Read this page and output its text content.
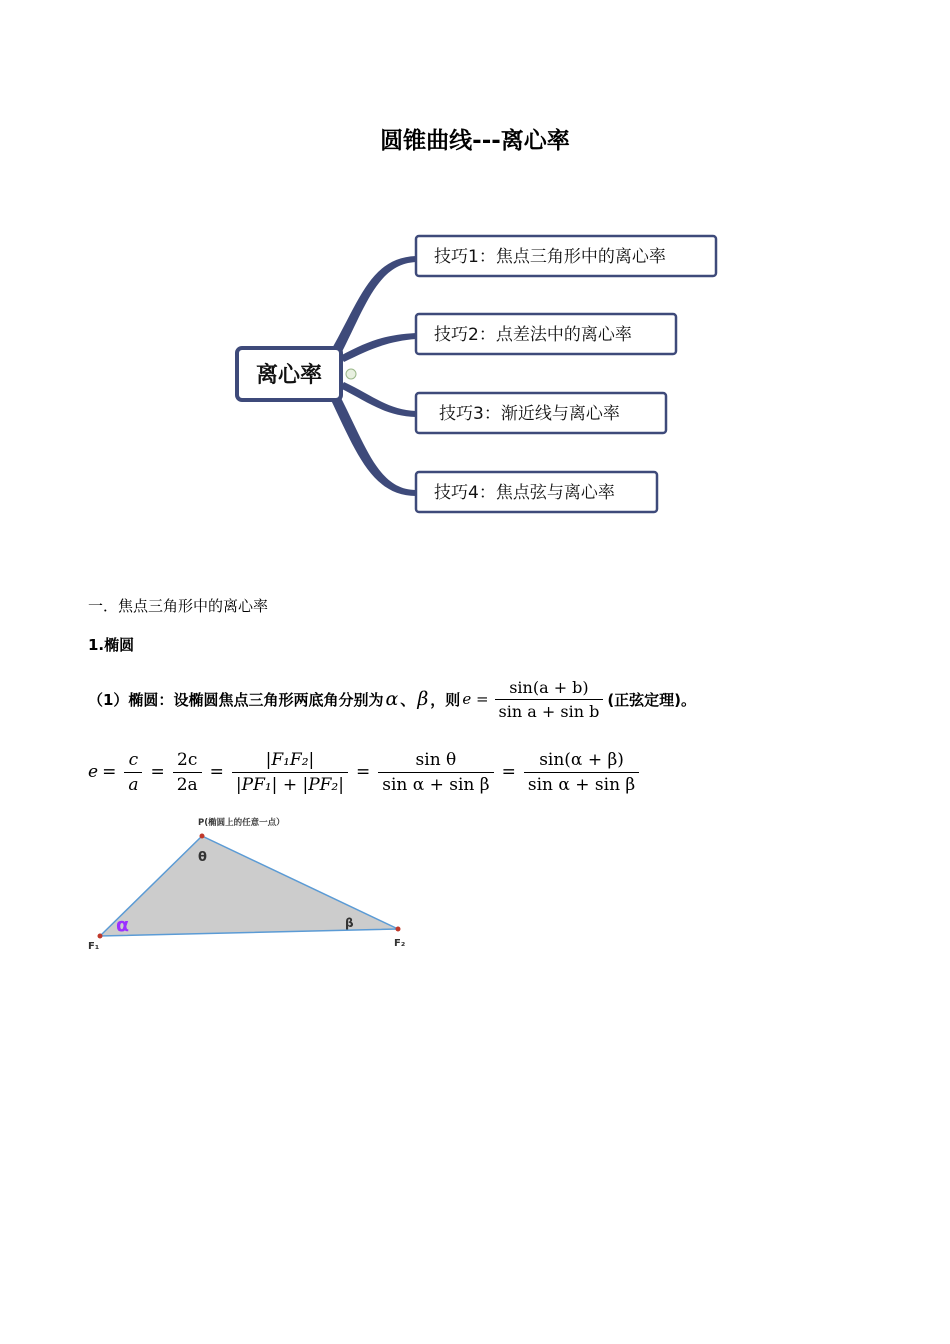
圆锥曲线---离心率
离心率
技巧1：焦点三角形中的离心率
技巧2：点差法中的离心率
技巧3：渐近线与离心率
技巧4：焦点弦与离心率
一．焦点三角形中的离心率
1.椭圆
（1）椭圆：设椭圆焦点三角形两底角分别为 α 、 β ，则 $e = \frac{\sin(a + b)}{\text{sin a + sin b}}$ (正弦定理)。
$e = \frac{c}{a} = \frac{2c}{2a} = \frac{\text{|F₁F₂|}}{\text{|PF₁| + |PF₂|}} = \frac{\text{sin θ}}{\text{sin α + sin β}} = \frac{\sin(\alpha + \beta)}{\text{sin α + sin β}}$
P(椭圆上的任意一点）
θ
α	β
F₁	F₂
